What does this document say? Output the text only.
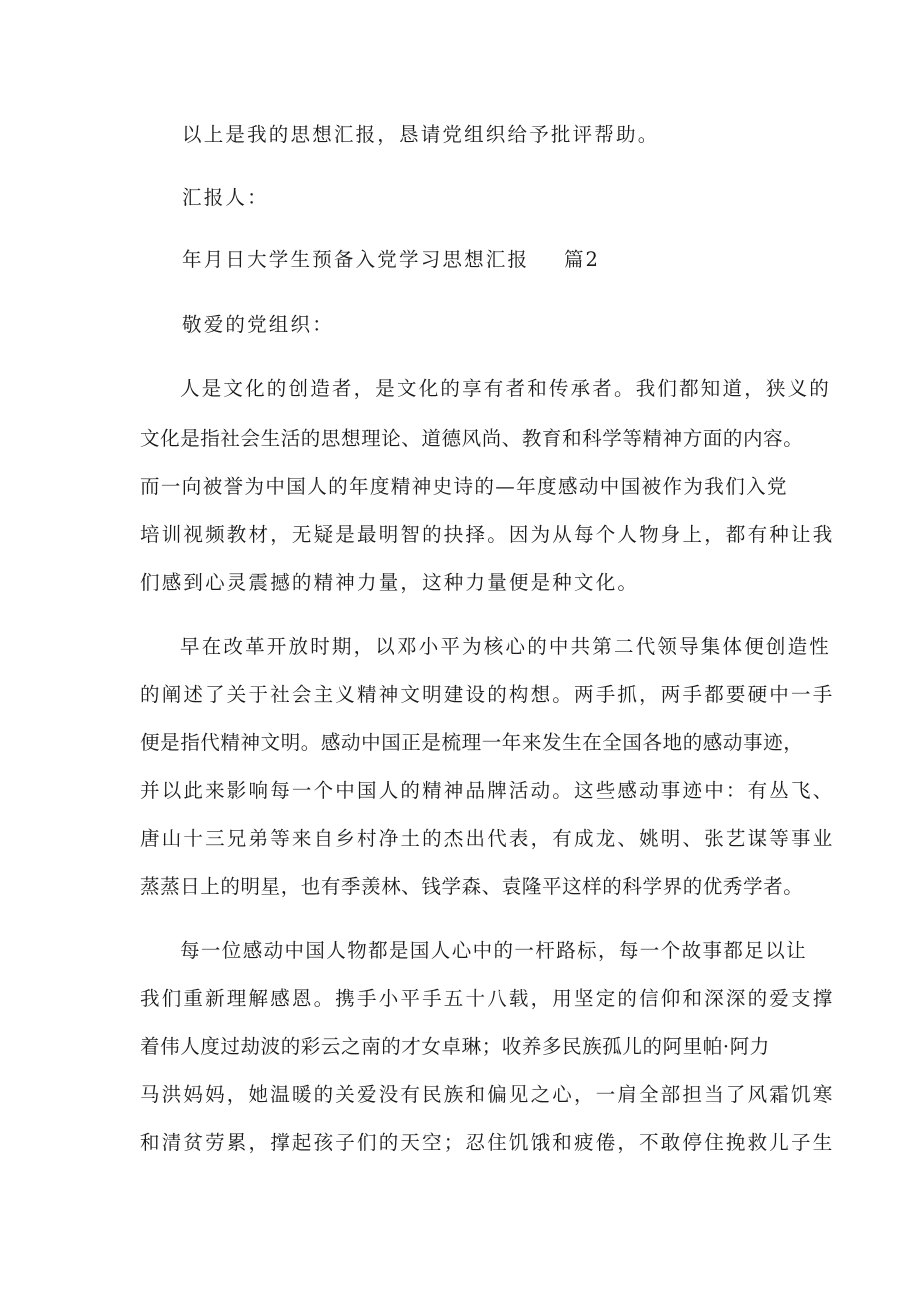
以上是我的思想汇报，恳请党组织给予批评帮助。
汇报人：
年月日大学生预备入党学习思想汇报 篇2
敬爱的党组织：
人是文化的创造者，是文化的享有者和传承者。我们都知道，狭义的
文化是指社会生活的思想理论、道德风尚、教育和科学等精神方面的内容。
而一向被誉为中国人的年度精神史诗的—年度感动中国被作为我们入党
培训视频教材，无疑是最明智的抉择。因为从每个人物身上，都有种让我
们感到心灵震撼的精神力量，这种力量便是种文化。
早在改革开放时期，以邓小平为核心的中共第二代领导集体便创造性
的阐述了关于社会主义精神文明建设的构想。两手抓，两手都要硬中一手
便是指代精神文明。感动中国正是梳理一年来发生在全国各地的感动事迹，
并以此来影响每一个中国人的精神品牌活动。这些感动事迹中：有丛飞、
唐山十三兄弟等来自乡村净土的杰出代表，有成龙、姚明、张艺谋等事业
蒸蒸日上的明星，也有季羡林、钱学森、袁隆平这样的科学界的优秀学者。
每一位感动中国人物都是国人心中的一杆路标，每一个故事都足以让
我们重新理解感恩。携手小平手五十八载，用坚定的信仰和深深的爱支撑
着伟人度过劫波的彩云之南的才女卓琳；收养多民族孤儿的阿里帕·阿力
马洪妈妈，她温暖的关爱没有民族和偏见之心，一肩全部担当了风霜饥寒
和清贫劳累，撑起孩子们的天空；忍住饥饿和疲倦，不敢停住挽救儿子生
